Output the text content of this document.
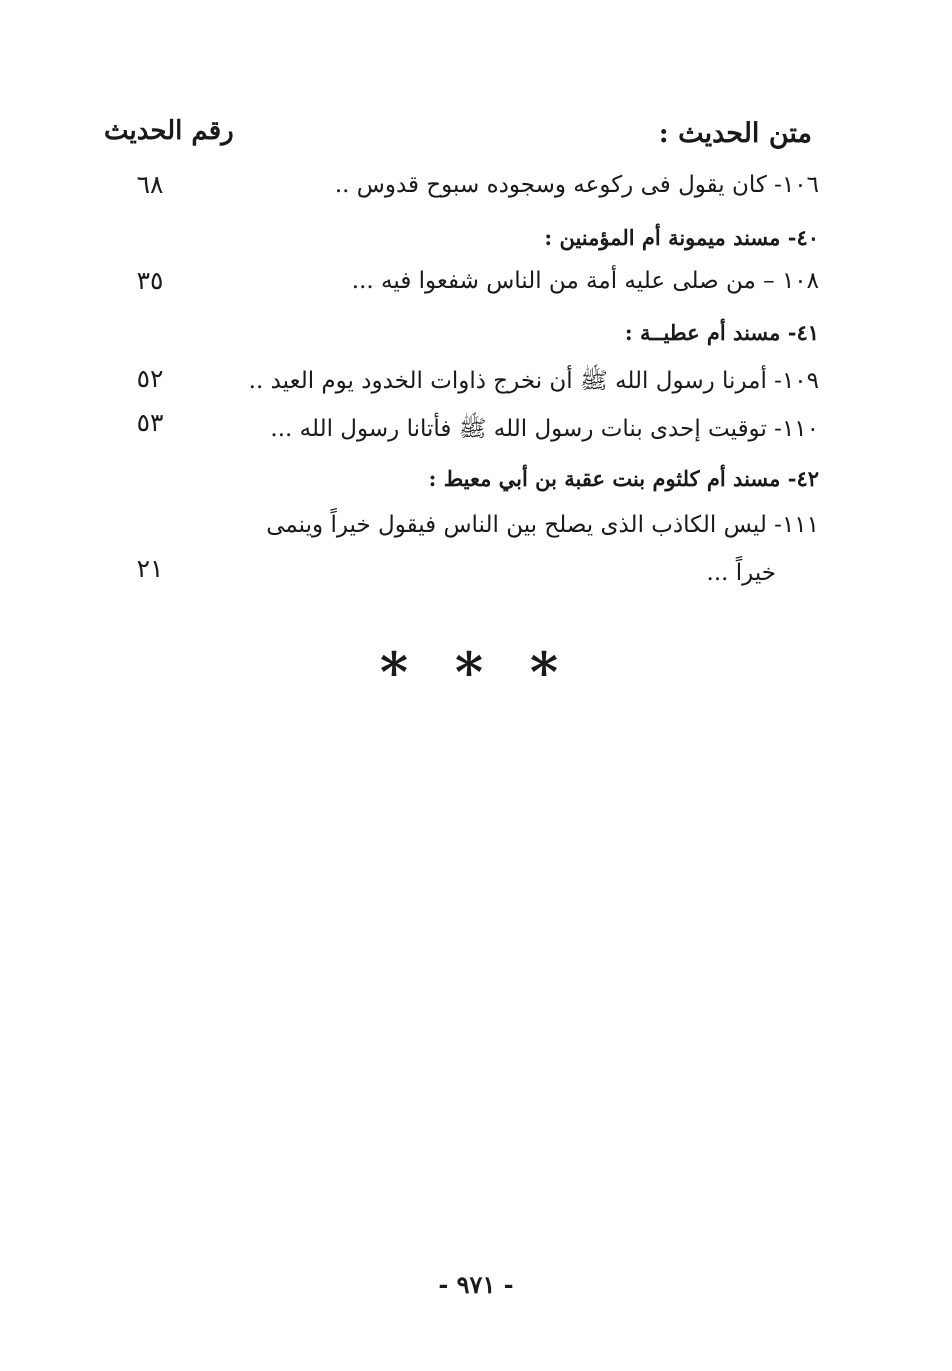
متن الحديث :
رقم الحديث
١٠٦- كان يقول فى ركوعه وسجوده سبوح قدوس ..
٦٨
٤٠- مسند ميمونة أم المؤمنين :
١٠٨ – من صلى عليه أمة من الناس شفعوا فيه ...
٣٥
٤١- مسند أم عطيــة :
١٠٩- أمرنا رسول الله ﷺ أن نخرج ذاوات الخدود يوم العيد ..
٥٢
١١٠- توقيت إحدى بنات رسول الله ﷺ فأتانا رسول الله ...
٥٣
٤٢- مسند أم كلثوم بنت عقبة بن أبي معيط :
١١١- ليس الكاذب الذى يصلح بين الناس فيقول خيراً وينمى
خيراً ...
٢١
* * *
- ٩٧١ -
